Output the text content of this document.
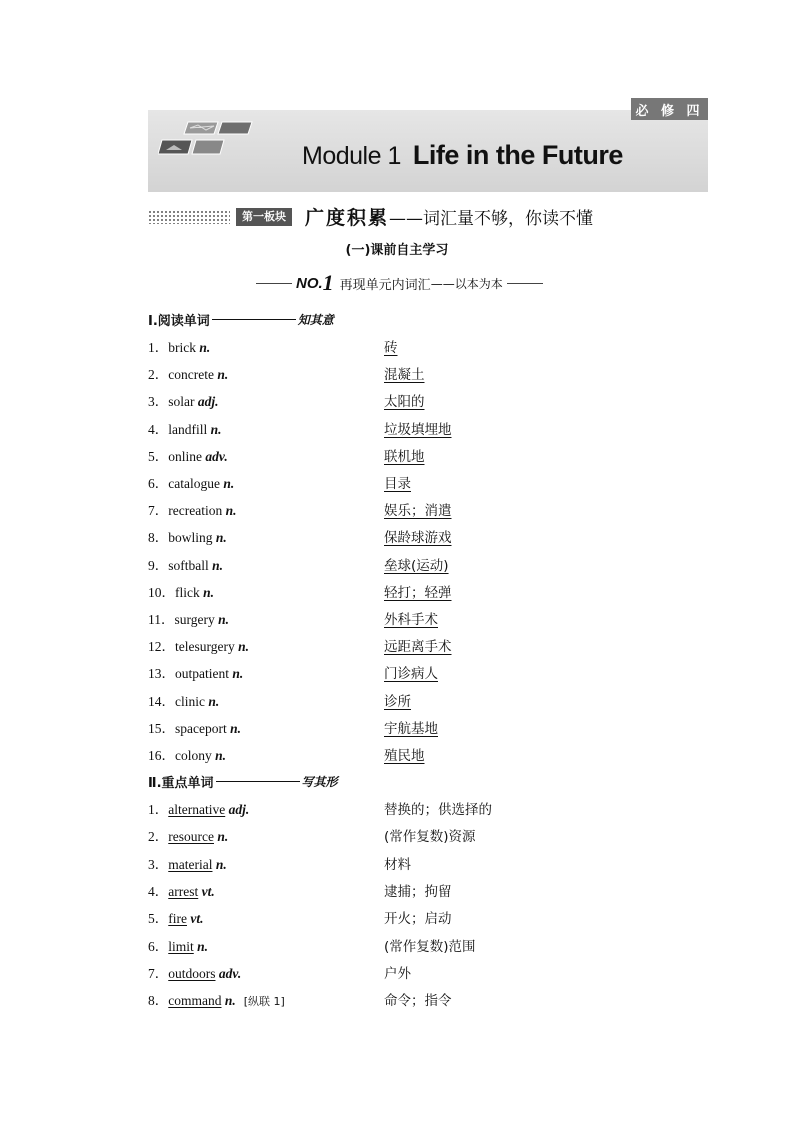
必 修 四
Module 1 Life in the Future
第一板块	广度积累——词汇量不够，你读不懂
(一)课前自主学习
NO. 1 再现单元内词汇 ——以本为本
Ⅰ.阅读单词	知其意
1．brick n.	砖
2．concrete n.	混凝土
3．solar adj.	太阳的
4．landfill n.	垃圾填埋地
5．online adv.	联机地
6．catalogue n.	目录
7．recreation n.	娱乐；消遣
8．bowling n.	保龄球游戏
9．softball n.	垒球(运动)
10．flick n.	轻打；轻弹
11．surgery n.	外科手术
12．telesurgery n.	远距离手术
13．outpatient n.	门诊病人
14．clinic n.	诊所
15．spaceport n.	宇航基地
16．colony n.	殖民地
Ⅱ.重点单词	写其形
1．alternative adj.	替换的；供选择的
2．resource n.	(常作复数)资源
3．material n.	材料
4．arrest vt.	逮捕；拘留
5．fire vt.	开火；启动
6．limit n.	(常作复数)范围
7．outdoors adv.	户外
8．command n. [纵联 1]	命令；指令
